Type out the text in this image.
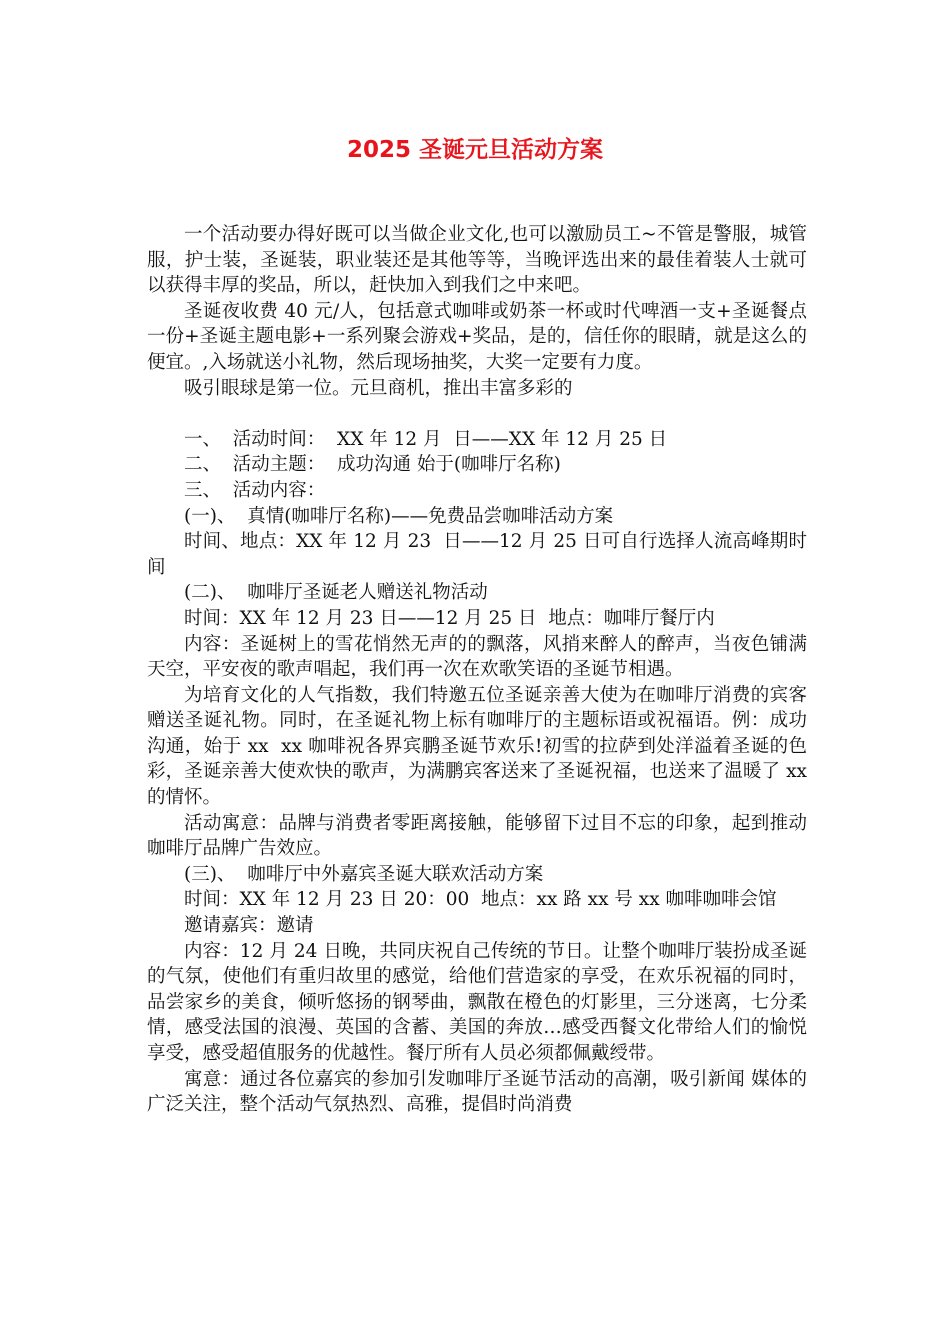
2025 圣诞元旦活动方案

一个活动要办得好既可以当做企业文化,也可以激励员工~不管是警服，城管服，护士装，圣诞装，职业装还是其他等等，当晚评选出来的最佳着装人士就可以获得丰厚的奖品，所以，赶快加入到我们之中来吧。

圣诞夜收费 40 元/人，包括意式咖啡或奶茶一杯或时代啤酒一支+圣诞餐点一份+圣诞主题电影+一系列聚会游戏+奖品，是的，信任你的眼睛，就是这么的便宜。,入场就送小礼物，然后现场抽奖，大奖一定要有力度。

吸引眼球是第一位。元旦商机，推出丰富多彩的

一、  活动时间：  XX 年 12 月  日——XX 年 12 月 25 日

二、  活动主题：  成功沟通 始于(咖啡厅名称)

三、  活动内容：

(一)、  真情(咖啡厅名称)——免费品尝咖啡活动方案

时间、地点：XX 年 12 月 23  日——12 月 25 日可自行选择人流高峰期时间

(二)、  咖啡厅圣诞老人赠送礼物活动

时间：XX 年 12 月 23 日——12 月 25 日  地点：咖啡厅餐厅内

内容：圣诞树上的雪花悄然无声的的飘落，风捎来醉人的醉声，当夜色铺满天空，平安夜的歌声唱起，我们再一次在欢歌笑语的圣诞节相遇。

为培育文化的人气指数，我们特邀五位圣诞亲善大使为在咖啡厅消费的宾客赠送圣诞礼物。同时，在圣诞礼物上标有咖啡厅的主题标语或祝福语。例：成功沟通，始于 xx  xx 咖啡祝各界宾鹏圣诞节欢乐!初雪的拉萨到处洋溢着圣诞的色彩，圣诞亲善大使欢快的歌声，为满鹏宾客送来了圣诞祝福，也送来了温暖了 xx 的情怀。

活动寓意：品牌与消费者零距离接触，能够留下过目不忘的印象，起到推动咖啡厅品牌广告效应。

(三)、  咖啡厅中外嘉宾圣诞大联欢活动方案

时间：XX 年 12 月 23 日 20：00  地点：xx 路 xx 号 xx 咖啡咖啡会馆

邀请嘉宾：邀请

内容：12 月 24 日晚，共同庆祝自己传统的节日。让整个咖啡厅装扮成圣诞的气氛，使他们有重归故里的感觉，给他们营造家的享受，在欢乐祝福的同时，品尝家乡的美食，倾听悠扬的钢琴曲，飘散在橙色的灯影里，三分迷离，七分柔情，感受法国的浪漫、英国的含蓄、美国的奔放…感受西餐文化带给人们的愉悦享受，感受超值服务的优越性。餐厅所有人员必须都佩戴绶带。

寓意：通过各位嘉宾的参加引发咖啡厅圣诞节活动的高潮，吸引新闻 媒体的广泛关注，整个活动气氛热烈、高雅，提倡时尚消费
